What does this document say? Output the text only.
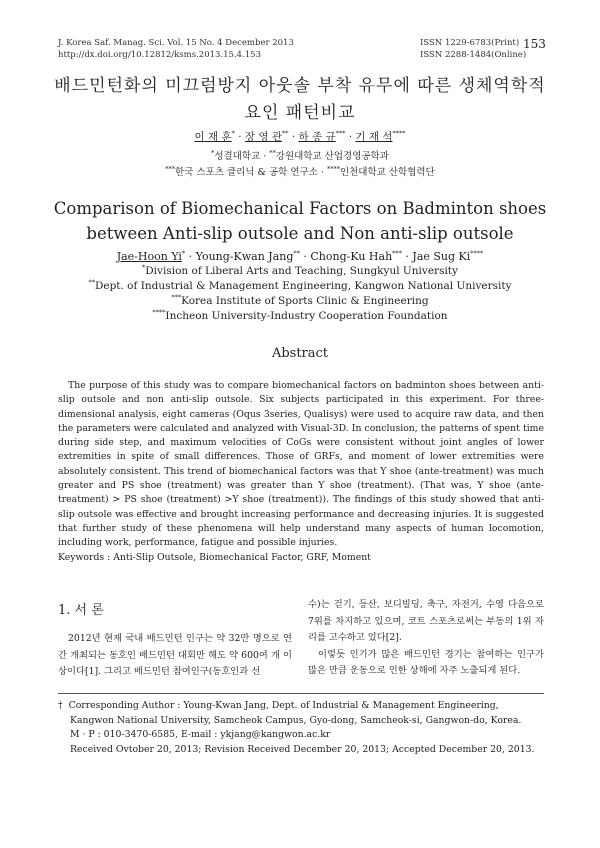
J. Korea Saf. Manag. Sci. Vol. 15 No. 4 December 2013
http://dx.doi.org/10.12812/ksms.2013.15.4.153
ISSN 1229-6783(Print)
ISSN 2288-1484(Online)
153
배드민턴화의 미끄럼방지 아웃솔 부착 유무에 따른 생체역학적
요인 패턴비교
이 재 훈* · 장 영 관** · 하 종 규*** · 기 재 석****
*성결대학교 · **강원대학교 산업경영공학과
***한국 스포츠 클리닉 & 공학 연구소 · ****인천대학교 산학협력단
Comparison of Biomechanical Factors on Badminton shoes
between Anti-slip outsole and Non anti-slip outsole
Jae-Hoon Yi* · Young-Kwan Jang** · Chong-Ku Hah*** · Jae Sug Ki****
*Division of Liberal Arts and Teaching, Sungkyul University
**Dept. of Industrial & Management Engineering, Kangwon National University
***Korea Institute of Sports Clinic & Engineering
****Incheon University-Industry Cooperation Foundation
Abstract

The purpose of this study was to compare biomechanical factors on badminton shoes between anti-slip outsole and non anti-slip outsole. Six subjects participated in this experiment. For three-dimensional analysis, eight cameras (Oqus 3series, Qualisys) were used to acquire raw data, and then the parameters were calculated and analyzed with Visual-3D. In conclusion, the patterns of spent time during side step, and maximum velocities of CoGs were consistent without joint angles of lower extremities in spite of small differences. Those of GRFs, and moment of lower extremities were absolutely consistent. This trend of biomechanical factors was that Y shoe (ante-treatment) was much greater and PS shoe (treatment) was greater than Y shoe (treatment). (That was, Y shoe (ante-treatment) > PS shoe (treatment) >Y shoe (treatment)). The findings of this study showed that anti-slip outsole was effective and brought increasing performance and decreasing injuries. It is suggested that further study of these phenomena will help understand many aspects of human locomotion, including work, performance, fatigue and possible injuries.

Keywords : Anti-Slip Outsole, Biomechanical Factor, GRF, Moment
1. 서 론

2012년 현재 국내 배드민턴 인구는 약 32만 명으로 연간 개최되는 동호인 배드민턴 대회만 해도 약 600여 개 이상이다[1]. 그리고 배드민턴 참여인구(동호인과 선

수)는 걷기, 등산, 보디빌딩, 축구, 자전거, 수영 다음으로 7위를 차지하고 있으며, 코트 스포츠로써는 부동의 1위 자리를 고수하고 있다[2].

이렇듯 인기가 많은 배드민턴 경기는 참여하는 인구가 많은 만큼 운동으로 인한 상해에 자주 노출되게 된다.

† Corresponding Author : Young-Kwan Jang, Dept. of Industrial & Management Engineering,
Kangwon National University, Samcheok Campus, Gyo-dong, Samcheok-si, Gangwon-do, Korea.
M · P : 010-3470-6585, E-mail : ykjang@kangwon.ac.kr
Received Ovtober 20, 2013; Revision Received December 20, 2013; Accepted December 20, 2013.
